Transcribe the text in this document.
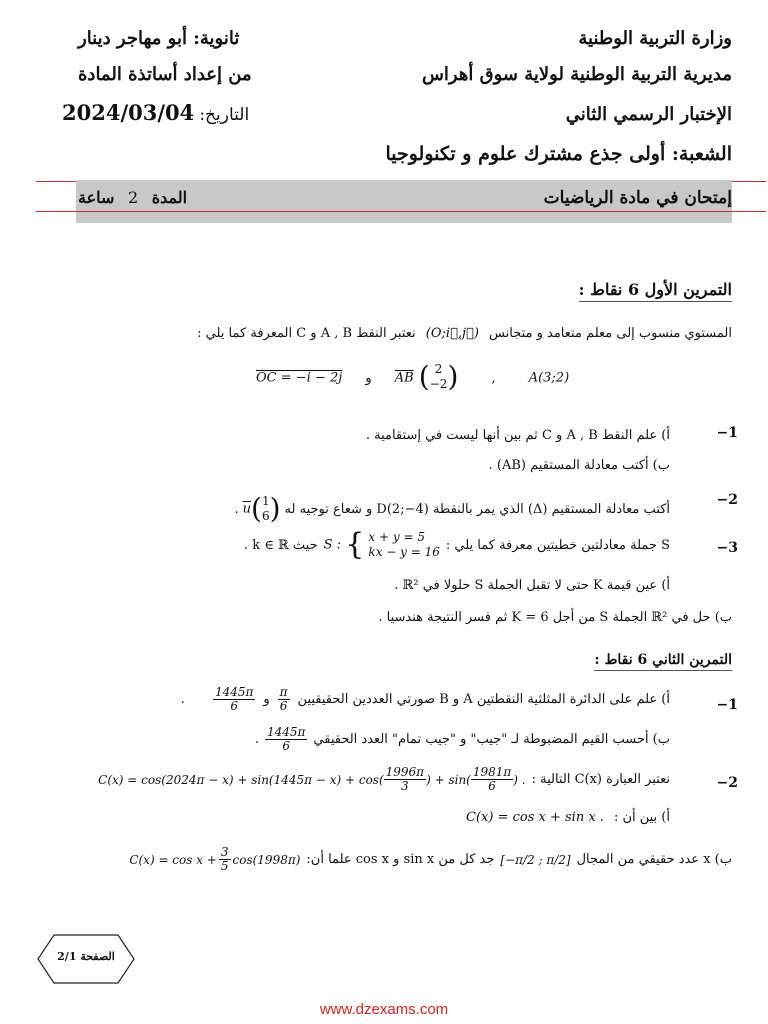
وزارة التربية الوطنية
ثانوية: أبو مهاجر دينار
مديرية التربية الوطنية لولاية سوق أهراس
من إعداد أساتذة المادة
الإختبار الرسمي الثاني
التاريخ: 2024/03/04
الشعبة: أولى جذع مشترك علوم و تكنولوجيا
إمتحان في مادة الرياضيات
المدة 2 ساعة
التمرين الأول 6 نقاط :
المستوي منسوب إلى معلم متعامد و متجانس (O;i⃗,j⃗) نعتبر النقط A , B و C المعرفة كما يلي :
OC = −i − 2j و $\overline{AB}$ ( 2
−2 )	,	A(3;2)
−1
أ) علم النقط A , B و C ثم بين أنها ليست في إستقامية .
ب) أكتب معادلة المستقيم (AB) .
−2
أكتب معادلة المستقيم (Δ) الذي يمر بالنقطة D(2;−4) و شعاع توجيه له
$\overline{u}$( 1
6 )
.
−3
S جملة معادلتين خطيتين معرفة كما يلي :
S : { x + y = 5
kx − y = 16
حيث k ∈ ℝ .
أ) عين قيمة K حتى لا تقبل الجملة S حلولا في ℝ² .
ب) حل في ℝ² الجملة S من أجل K = 6 ثم فسر النتيجة هندسيا .
التمرين الثاني 6 نقاط :
−1
أ) علم على الدائرة المثلثية النقطتين A و B صورتي العددين الحقيقيين
$\frac{\pi}{6}$
و
$\frac{1445\pi}{6}$
.
ب) أحسب القيم المضبوطة لـ "جيب" و "جيب تمام" العدد الحقيقي
$\frac{1445\pi}{6}$
.
−2
نعتبر العبارة C(x) التالية :
$C(x) = \cos(2024\pi - x) + \sin(1445\pi - x) + \cos( \frac{1996\pi}{3}$ ) + $\sin( \frac{1981\pi}{6}$ ) .
أ) بين أن :
C(x) = cos x + sin x .
ب) x عدد حقيقي من المجال
[−π/2 ; π/2]
جد كل من sin x و cos x علما أن:
$C(x) = \cos x + \frac{3}{5} \cos(1998\pi)$
الصفحة 2/1
www.dzexams.com
